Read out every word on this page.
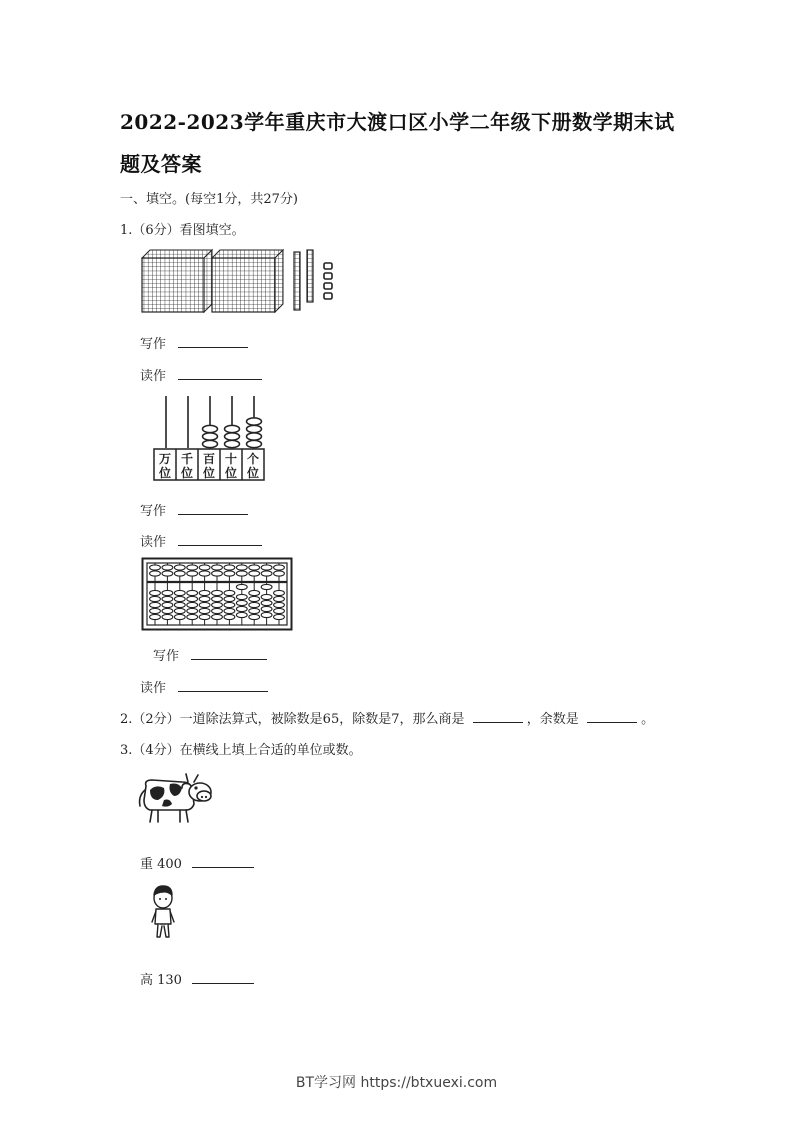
2022-2023学年重庆市大渡口区小学二年级下册数学期末试
题及答案
一、填空。(每空1分，共27分)
1.（6分）看图填空。
写作
读作
万
位
千
位
百
位
十
位
个
位
写作
读作
写作
读作
2.（2分）一道除法算式，被除数是65，除数是7，那么商是	，余数是	。
3.（4分）在横线上填上合适的单位或数。
重 400
高 130
BT学习网 https://btxuexi.com
